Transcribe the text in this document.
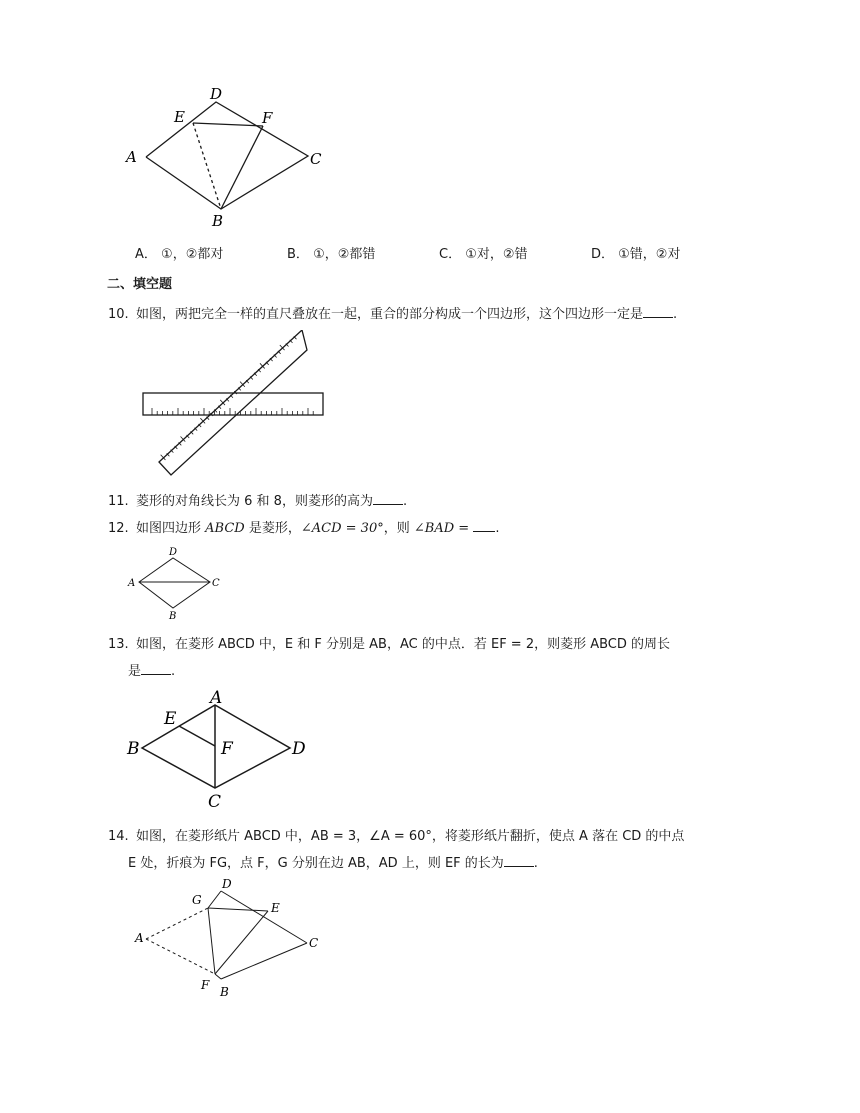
A
D
E	F
C
B
A． ①，②都对	B． ①，②都错	C． ①对，②错	D． ①错，②对
二、填空题
10. 如图，两把完全一样的直尺叠放在一起，重合的部分构成一个四边形，这个四边形一定是 .
11. 菱形的对角线长为 6 和 8，则菱形的高为 .
12. 如图四边形 ABCD 是菱形，∠ACD = 30°，则 ∠BAD = .
D
A	C
B
13. 如图，在菱形 ABCD 中，E 和 F 分别是 AB，AC 的中点．若 EF = 2，则菱形 ABCD 的周长
是 .
A
B	D
C
E
F
14. 如图，在菱形纸片 ABCD 中，AB = 3，∠A = 60°，将菱形纸片翻折，使点 A 落在 CD 的中点
E 处，折痕为 FG，点 F，G 分别在边 AB，AD 上，则 EF 的长为 .
A
G
D
E
C
F B
